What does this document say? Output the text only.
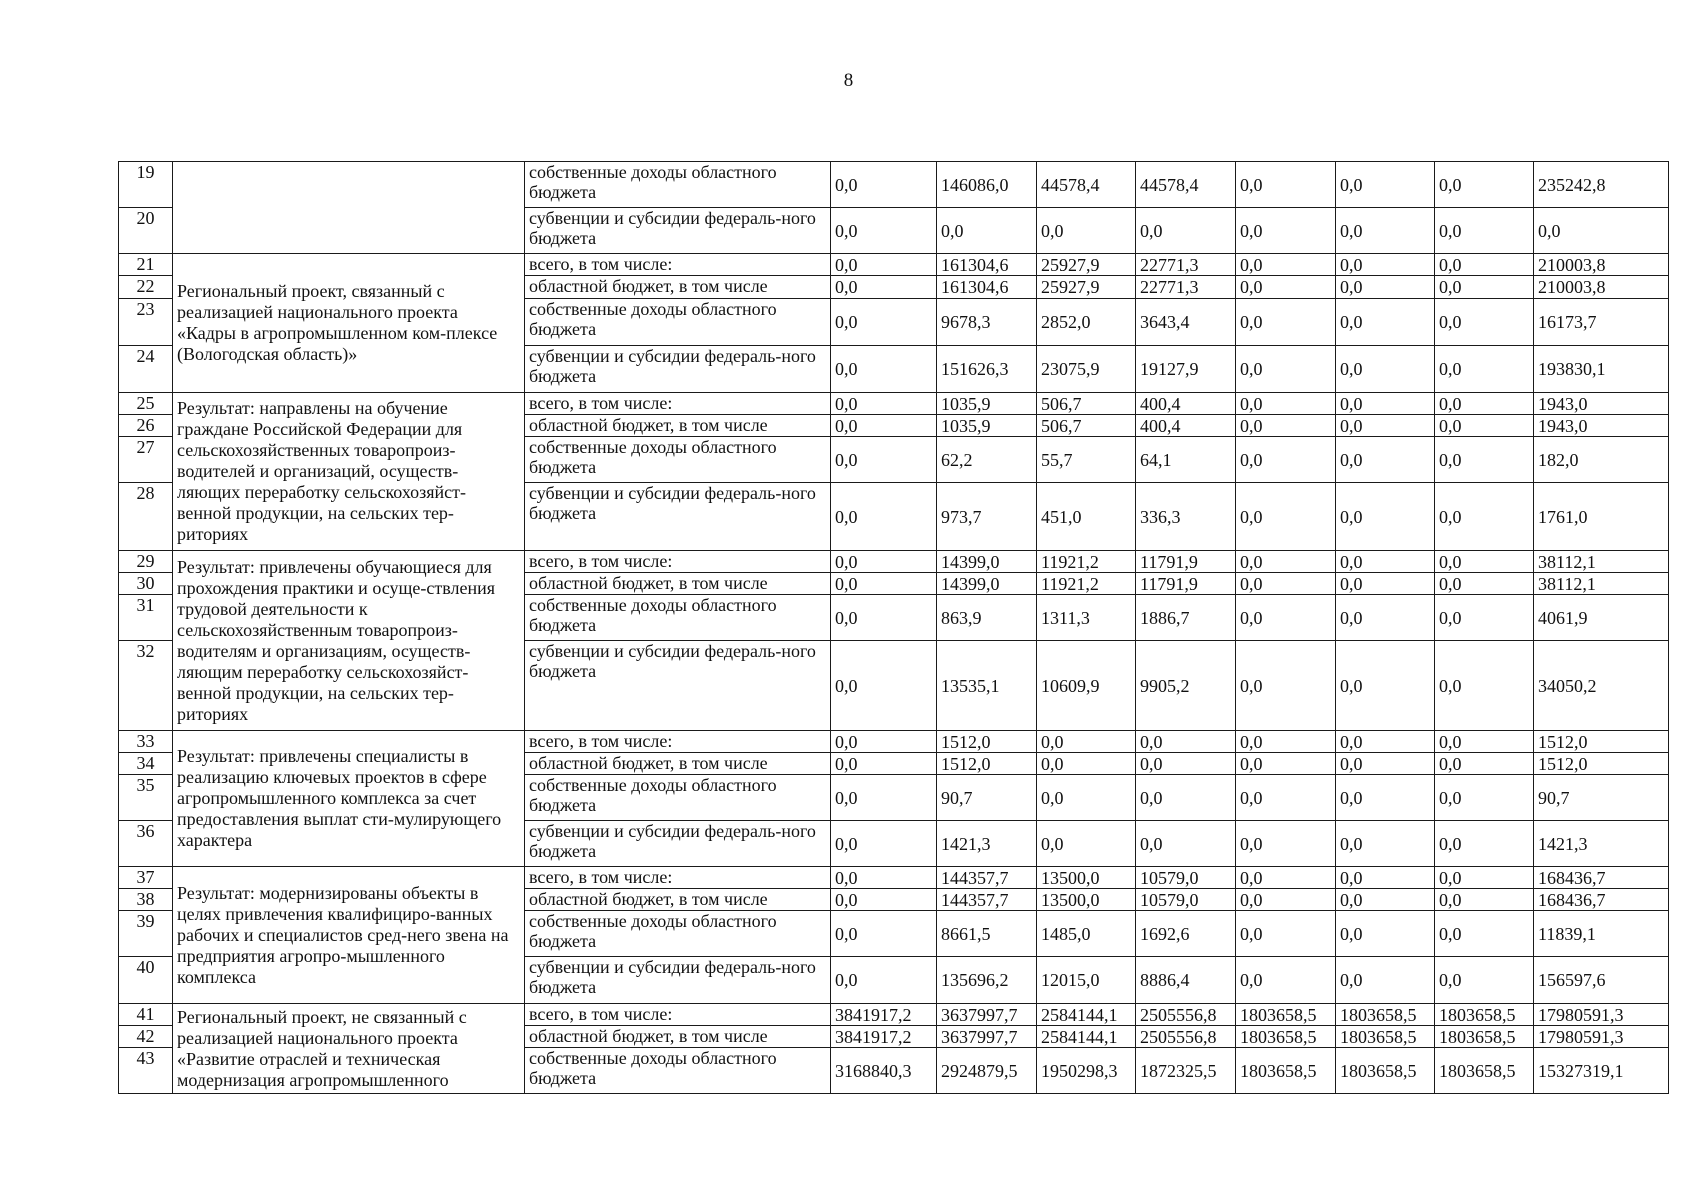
8
19		собственные доходы областного бюджета	0,0	146086,0	44578,4	44578,4	0,0	0,0	0,0	235242,8
20		субвенции и субсидии федераль-ного бюджета	0,0	0,0	0,0	0,0	0,0	0,0	0,0	0,0
21	Региональный проект, связанный с реализацией национального проекта «Кадры в агропромышленном ком-плексе (Вологодская область)»	всего, в том числе:	0,0	161304,6	25927,9	22771,3	0,0	0,0	0,0	210003,8
22		областной бюджет, в том числе	0,0	161304,6	25927,9	22771,3	0,0	0,0	0,0	210003,8
23		собственные доходы областного бюджета	0,0	9678,3	2852,0	3643,4	0,0	0,0	0,0	16173,7
24		субвенции и субсидии федераль-ного бюджета	0,0	151626,3	23075,9	19127,9	0,0	0,0	0,0	193830,1
25	Результат: направлены на обучение граждане Российской Федерации для сельскохозяйственных товаропроиз-водителей и организаций, осуществ-ляющих переработку сельскохозяйст-венной продукции, на сельских тер-риториях	всего, в том числе:	0,0	1035,9	506,7	400,4	0,0	0,0	0,0	1943,0
26		областной бюджет, в том числе	0,0	1035,9	506,7	400,4	0,0	0,0	0,0	1943,0
27		собственные доходы областного бюджета	0,0	62,2	55,7	64,1	0,0	0,0	0,0	182,0
28		субвенции и субсидии федераль-ного бюджета	0,0	973,7	451,0	336,3	0,0	0,0	0,0	1761,0
29	Результат: привлечены обучающиеся для прохождения практики и осуще-ствления трудовой деятельности к сельскохозяйственным товаропроиз-водителям и организациям, осуществ-ляющим переработку сельскохозяйст-венной продукции, на сельских тер-риториях	всего, в том числе:	0,0	14399,0	11921,2	11791,9	0,0	0,0	0,0	38112,1
30		областной бюджет, в том числе	0,0	14399,0	11921,2	11791,9	0,0	0,0	0,0	38112,1
31		собственные доходы областного бюджета	0,0	863,9	1311,3	1886,7	0,0	0,0	0,0	4061,9
32		субвенции и субсидии федераль-ного бюджета	0,0	13535,1	10609,9	9905,2	0,0	0,0	0,0	34050,2
33	Результат: привлечены специалисты в реализацию ключевых проектов в сфере агропромышленного комплекса за счет предоставления выплат сти-мулирующего характера	всего, в том числе:	0,0	1512,0	0,0	0,0	0,0	0,0	0,0	1512,0
34		областной бюджет, в том числе	0,0	1512,0	0,0	0,0	0,0	0,0	0,0	1512,0
35		собственные доходы областного бюджета	0,0	90,7	0,0	0,0	0,0	0,0	0,0	90,7
36		субвенции и субсидии федераль-ного бюджета	0,0	1421,3	0,0	0,0	0,0	0,0	0,0	1421,3
37	Результат: модернизированы объекты в целях привлечения квалифициро-ванных рабочих и специалистов сред-него звена на предприятия агропро-мышленного комплекса	всего, в том числе:	0,0	144357,7	13500,0	10579,0	0,0	0,0	0,0	168436,7
38		областной бюджет, в том числе	0,0	144357,7	13500,0	10579,0	0,0	0,0	0,0	168436,7
39		собственные доходы областного бюджета	0,0	8661,5	1485,0	1692,6	0,0	0,0	0,0	11839,1
40		субвенции и субсидии федераль-ного бюджета	0,0	135696,2	12015,0	8886,4	0,0	0,0	0,0	156597,6
41	Региональный проект, не связанный с реализацией национального проекта «Развитие отраслей и техническая модернизация агропромышленного	всего, в том числе:	3841917,2	3637997,7	2584144,1	2505556,8	1803658,5	1803658,5	1803658,5	17980591,3
42		областной бюджет, в том числе	3841917,2	3637997,7	2584144,1	2505556,8	1803658,5	1803658,5	1803658,5	17980591,3
43		собственные доходы областного бюджета	3168840,3	2924879,5	1950298,3	1872325,5	1803658,5	1803658,5	1803658,5	15327319,1
